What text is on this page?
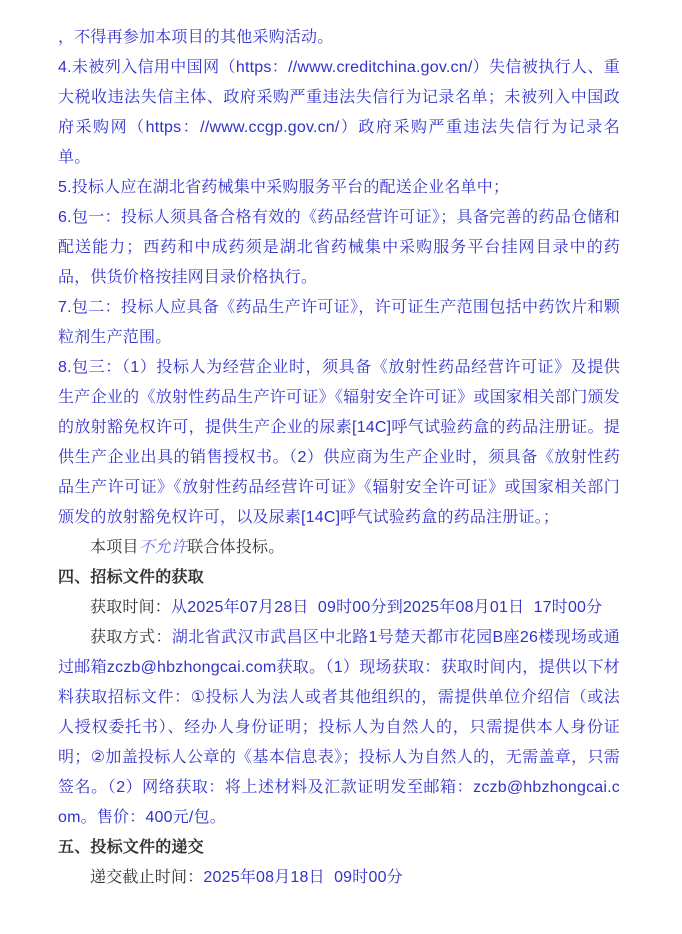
，不得再参加本项目的其他采购活动。

4.未被列入信用中国网（https：//www.creditchina.gov.cn/）失信被执行人、重大税收违法失信主体、政府采购严重违法失信行为记录名单；未被列入中国政府采购网（https：//www.ccgp.gov.cn/）政府采购严重违法失信行为记录名单。

5.投标人应在湖北省药械集中采购服务平台的配送企业名单中；

6.包一：投标人须具备合格有效的《药品经营许可证》；具备完善的药品仓储和配送能力；西药和中成药须是湖北省药械集中采购服务平台挂网目录中的药品，供货价格按挂网目录价格执行。

7.包二：投标人应具备《药品生产许可证》，许可证生产范围包括中药饮片和颗粒剂生产范围。

8.包三：（1）投标人为经营企业时，须具备《放射性药品经营许可证》及提供生产企业的《放射性药品生产许可证》《辐射安全许可证》或国家相关部门颁发的放射豁免权许可，提供生产企业的尿素[14C]呼气试验药盒的药品注册证。提供生产企业出具的销售授权书。（2）供应商为生产企业时，须具备《放射性药品生产许可证》《放射性药品经营许可证》《辐射安全许可证》或国家相关部门颁发的放射豁免权许可，以及尿素[14C]呼气试验药盒的药品注册证。；

本项目不允许联合体投标。

四、招标文件的获取

获取时间：从2025年07月28日  09时00分到2025年08月01日  17时00分

获取方式：湖北省武汉市武昌区中北路1号楚天都市花园B座26楼现场或通过邮箱zczb@hbzhongcai.com获取。（1）现场获取：获取时间内，提供以下材料获取招标文件：①投标人为法人或者其他组织的，需提供单位介绍信（或法人授权委托书）、经办人身份证明；投标人为自然人的，只需提供本人身份证明；②加盖投标人公章的《基本信息表》；投标人为自然人的，无需盖章，只需签名。（2）网络获取：将上述材料及汇款证明发至邮箱：zczb@hbzhongcai.com。售价：400元/包。

五、投标文件的递交

递交截止时间：2025年08月18日  09时00分
